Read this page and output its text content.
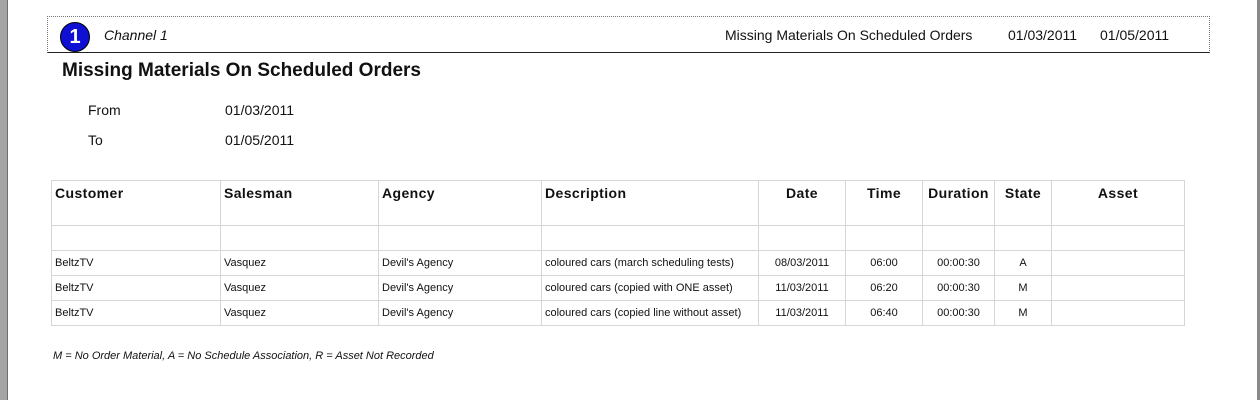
1	Channel 1	Missing Materials On Scheduled Orders	01/03/2011 01/05/2011
Missing Materials On Scheduled Orders
From	01/03/2011
To	01/05/2011
Customer	Salesman	Agency	Description	Date	Time	Duration	State	Asset

BeltzTV	Vasquez	Devil's Agency	coloured cars (march scheduling tests)	08/03/2011	06:00	00:00:30	A	
BeltzTV	Vasquez	Devil's Agency	coloured cars (copied with ONE asset)	11/03/2011	06:20	00:00:30	M	
BeltzTV	Vasquez	Devil's Agency	coloured cars (copied line without asset)	11/03/2011	06:40	00:00:30	M	
M = No Order Material, A = No Schedule Association, R = Asset Not Recorded
